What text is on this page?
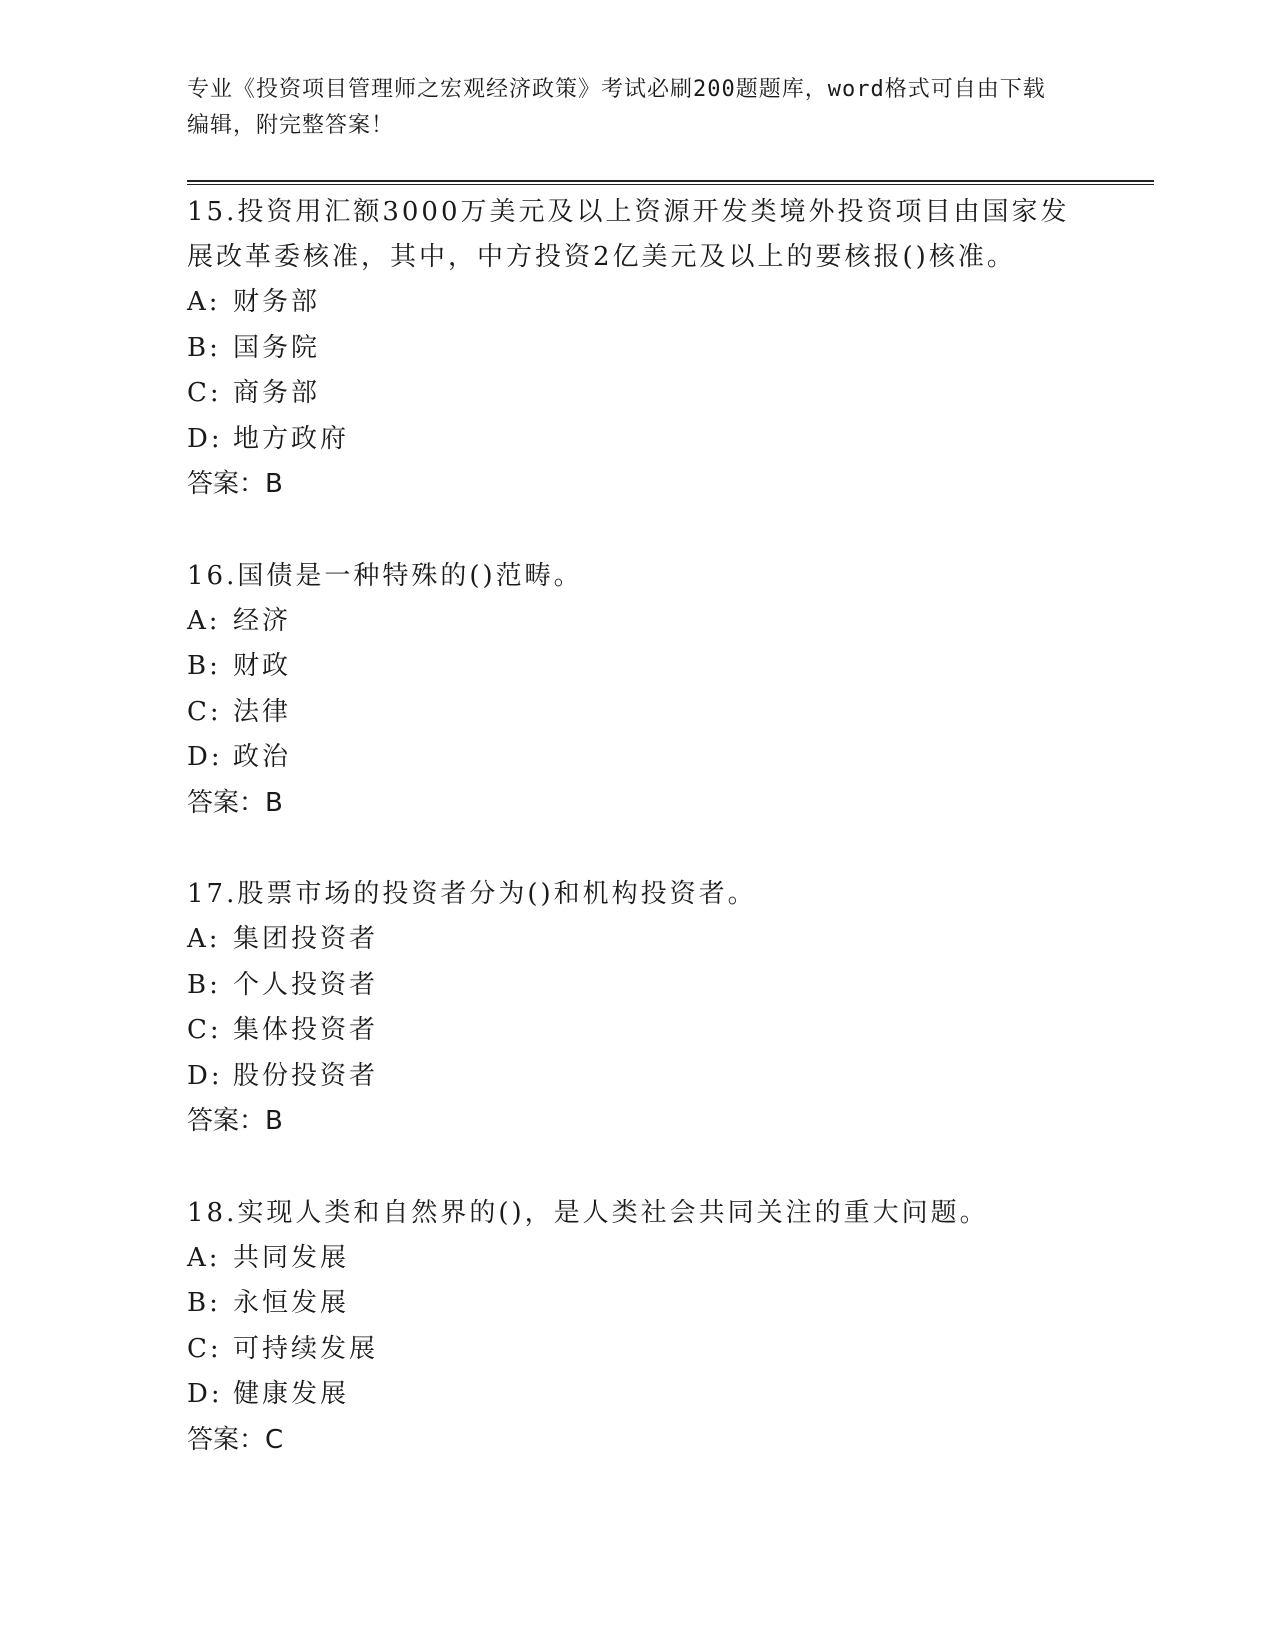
专业《投资项目管理师之宏观经济政策》考试必刷200题题库，word格式可自由下载编辑，附完整答案！
15.投资用汇额3000万美元及以上资源开发类境外投资项目由国家发展改革委核准，其中，中方投资2亿美元及以上的要核报()核准。
A: 财务部
B: 国务院
C: 商务部
D: 地方政府
答案：B
16.国债是一种特殊的()范畴。
A: 经济
B: 财政
C: 法律
D: 政治
答案：B
17.股票市场的投资者分为()和机构投资者。
A: 集团投资者
B: 个人投资者
C: 集体投资者
D: 股份投资者
答案：B
18.实现人类和自然界的()，是人类社会共同关注的重大问题。
A: 共同发展
B: 永恒发展
C: 可持续发展
D: 健康发展
答案：C
